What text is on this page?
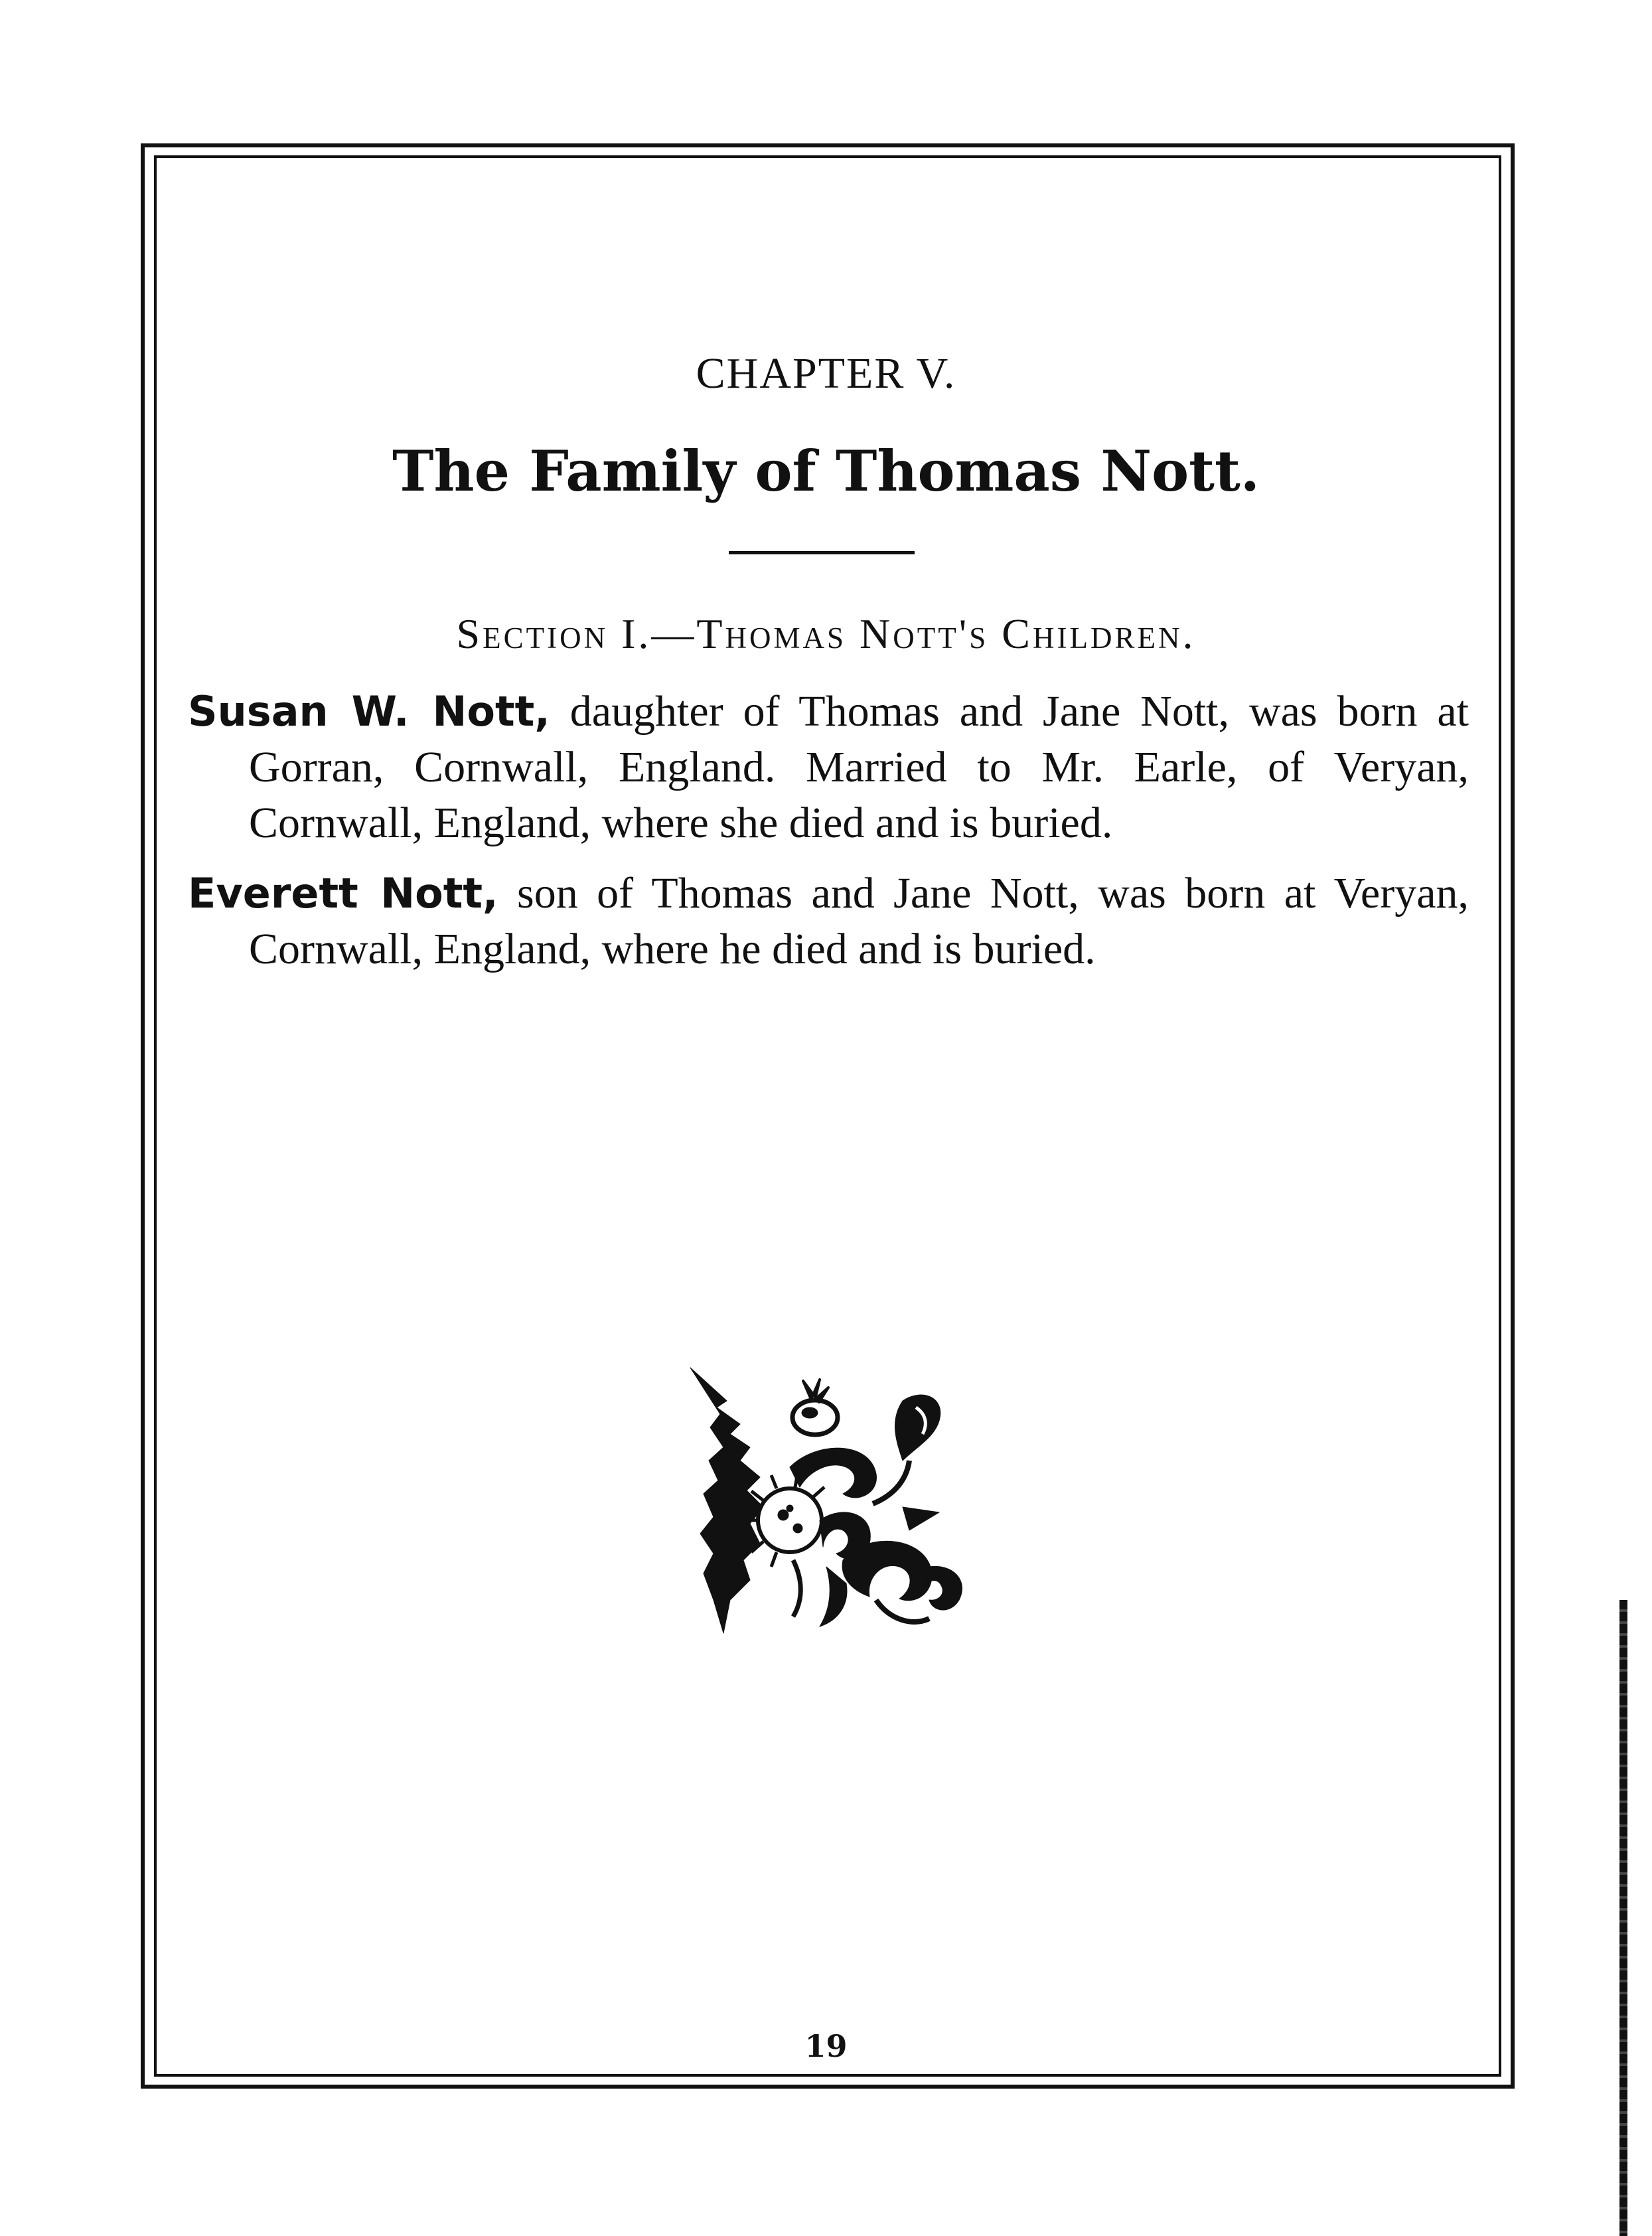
CHAPTER V.
The Family of Thomas Nott.
Section I.—Thomas Nott's Children.
Susan W. Nott, daughter of Thomas and Jane Nott, was born at Gorran, Cornwall, England. Married to Mr. Earle, of Veryan, Cornwall, England, where she died and is buried.
Everett Nott, son of Thomas and Jane Nott, was born at Veryan, Cornwall, England, where he died and is buried.
19
